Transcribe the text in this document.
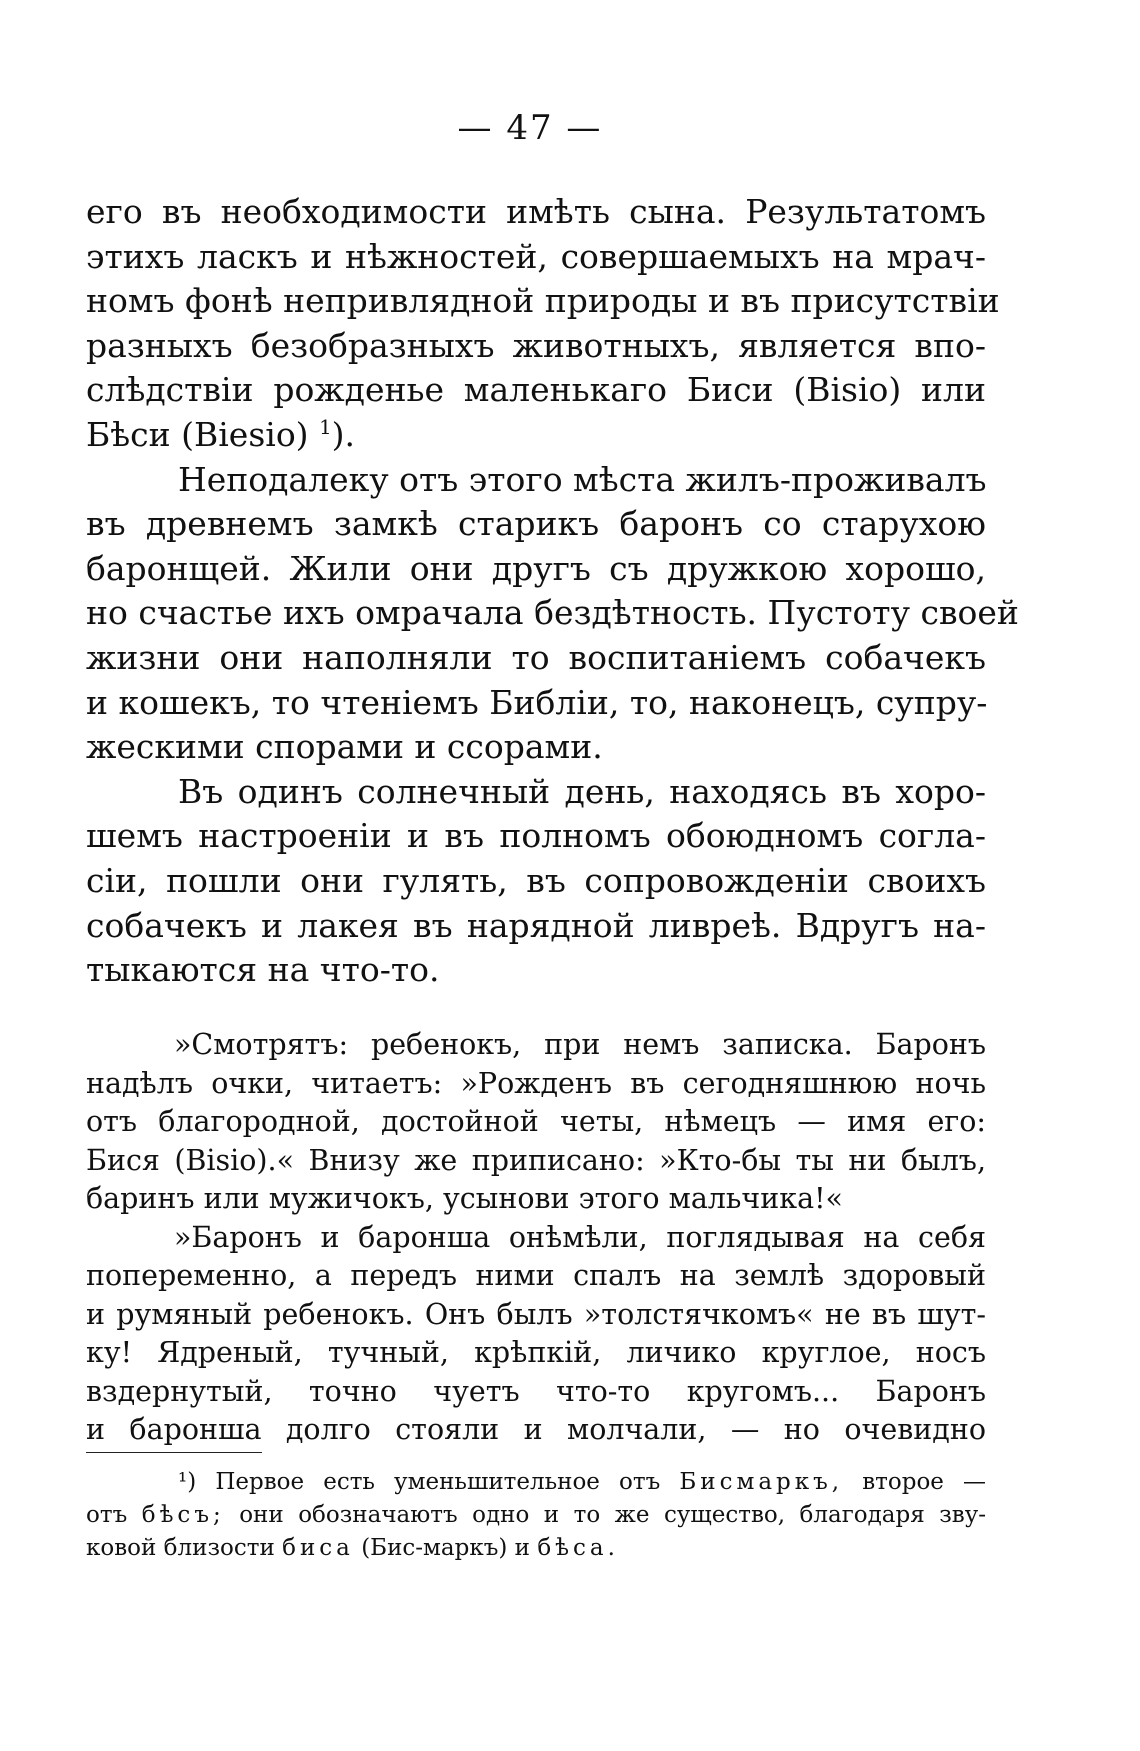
— 47 —
его въ необходимости имѣть сына. Результатомъ
этихъ ласкъ и нѣжностей, совершаемыхъ на мрач-
номъ фонѣ непривлядной природы и въ присутствіи
разныхъ безобразныхъ животныхъ, является впо-
слѣдствіи рожденье маленькаго Биси (Bisio) или
Бѣси (Biesio) $^1$).
Неподалеку отъ этого мѣста жилъ-проживалъ
въ древнемъ замкѣ старикъ баронъ со старухою
баронщей. Жили они другъ съ дружкою хорошо,
но счастье ихъ омрачала бездѣтность. Пустоту своей
жизни они наполняли то воспитаніемъ собачекъ
и кошекъ, то чтеніемъ Библіи, то, наконецъ, супру-
жескими спорами и ссорами.
Въ одинъ солнечный день, находясь въ хоро-
шемъ настроеніи и въ полномъ обоюдномъ согла-
сіи, пошли они гулять, въ сопровожденіи своихъ
собачекъ и лакея въ нарядной ливреѣ. Вдругъ на-
тыкаются на что-то.
»Смотрятъ: ребенокъ, при немъ записка. Баронъ
надѣлъ очки, читаетъ: »Рожденъ въ сегодняшнюю ночь
отъ благородной, достойной четы, нѣмецъ — имя его:
Бися (Bisio).« Внизу же приписано: »Кто-бы ты ни былъ,
баринъ или мужичокъ, усынови этого мальчика!«
»Баронъ и баронша онѣмѣли, поглядывая на себя
попеременно, а передъ ними спалъ на землѣ здоровый
и румяный ребенокъ. Онъ былъ »толстячкомъ« не въ шут-
ку! Ядреный, тучный, крѣпкій, личико круглое, носъ
вздернутый, точно чуетъ что-то кругомъ... Баронъ
и баронша долго стояли и молчали, — но очевидно
¹) Первое есть уменьшительное отъ Бисмаркъ, второе —
отъ бѣсъ; они обозначаютъ одно и то же существо, благодаря зву-
ковой близости биса (Бис-маркъ) и бѣса.
